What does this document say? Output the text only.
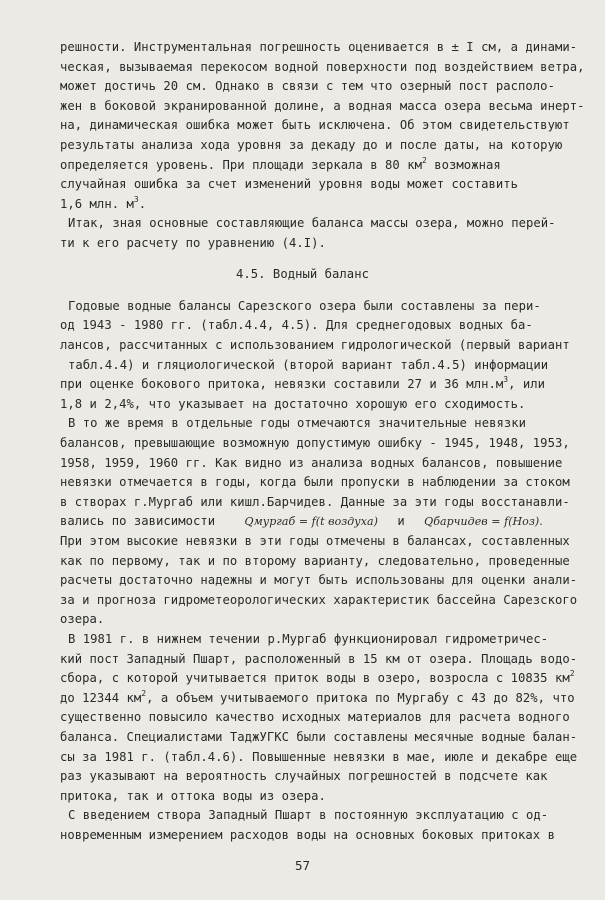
решности. Инструментальная погрешность оценивается в ± I см, а динами-
ческая, вызываемая перекосом водной поверхности под воздействием ветра,
может достичь 20 см. Однако в связи с тем что озерный пост располо-
жен в боковой экранированной долине, а водная масса озера весьма инерт-
на, динамическая ошибка может быть исключена. Об этом свидетельствуют
результаты анализа хода уровня за декаду до и после даты, на которую
определяется уровень. При площади зеркала в 80 $км^2$ возможная
случайная ошибка за счет изменений уровня воды может составить
1,6 млн. $м^3$.
Итак, зная основные составляющие баланса массы озера, можно перей-
ти к его расчету по уравнению (4.I).
4.5. Водный баланс
Годовые водные балансы Сарезского озера были составлены за пери-
од 1943 - 1980 гг. (табл.4.4, 4.5). Для среднегодовых водных ба-
лансов, рассчитанных с использованием гидрологической (первый вариант
табл.4.4) и гляциологической (второй вариант табл.4.5) информации
при оценке бокового притока, невязки составили 27 и 36 $млн.м^3$, или
1,8 и 2,4%, что указывает на достаточно хорошую его сходимость.
В то же время в отдельные годы отмечаются значительные невязки
балансов, превышающие возможную допустимую ошибку - 1945, 1948, 1953,
1958, 1959, 1960 гг. Как видно из анализа водных балансов, повышение
невязки отмечается в годы, когда были пропуски в наблюдении за стоком
в створах г.Мургаб или кишл.Барчидев. Данные за эти годы восстанавли-
вались по зависимости	Qмургаб = f(t воздуха) и Qбарчидев = f(Hоз).
При этом высокие невязки в эти годы отмечены в балансах, составленных
как по первому, так и по второму варианту, следовательно, проведенные
расчеты достаточно надежны и могут быть использованы для оценки анали-
за и прогноза гидрометеорологических характеристик бассейна Сарезского
озера.
В 1981 г. в нижнем течении р.Мургаб функционировал гидрометричес-
кий пост Западный Пшарт, расположенный в 15 км от озера. Площадь водо-
сбора, с которой учитывается приток воды в озеро, возросла с 10835 $км^2$
до 12344 $км^2$, а объем учитываемого притока по Мургабу с 43 до 82%, что
существенно повысило качество исходных материалов для расчета водного
баланса. Специалистами ТаджУГКС были составлены месячные водные балан-
сы за 1981 г. (табл.4.6). Повышенные невязки в мае, июле и декабре еще
57
раз указывают на вероятность случайных погрешностей в подсчете как
притока, так и оттока воды из озера.
С введением створа Западный Пшарт в постоянную эксплуатацию с од-
новременным измерением расходов воды на основных боковых притоках в
